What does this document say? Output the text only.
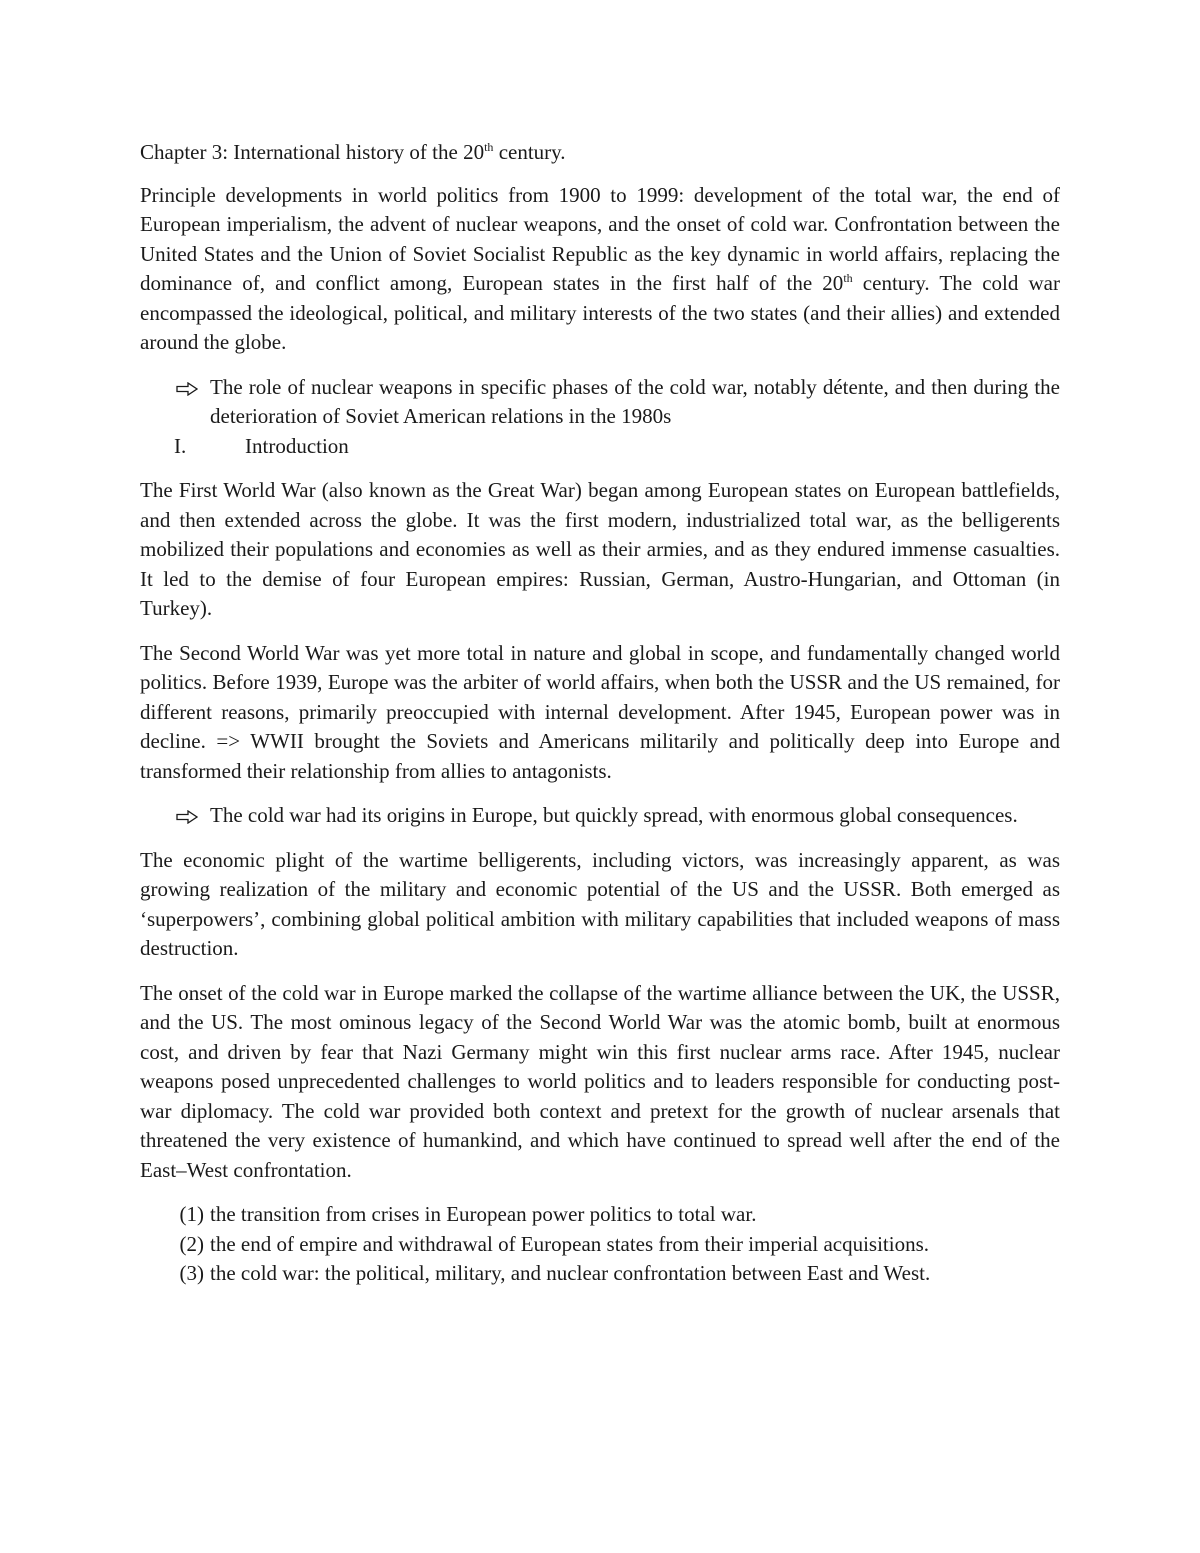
Chapter 3: International history of the 20th century.

Principle developments in world politics from 1900 to 1999: development of the total war, the end of European imperialism, the advent of nuclear weapons, and the onset of cold war. Confrontation between the United States and the Union of Soviet Socialist Republic as the key dynamic in world affairs, replacing the dominance of, and conflict among, European states in the first half of the 20th century. The cold war encompassed the ideological, political, and military interests of the two states (and their allies) and extended around the globe.

The role of nuclear weapons in specific phases of the cold war, notably détente, and then during the deterioration of Soviet American relations in the 1980s
I.	Introduction

The First World War (also known as the Great War) began among European states on European battlefields, and then extended across the globe. It was the first modern, industrialized total war, as the belligerents mobilized their populations and economies as well as their armies, and as they endured immense casualties. It led to the demise of four European empires: Russian, German, Austro-Hungarian, and Ottoman (in Turkey).

The Second World War was yet more total in nature and global in scope, and fundamentally changed world politics. Before 1939, Europe was the arbiter of world affairs, when both the USSR and the US remained, for different reasons, primarily preoccupied with internal development. After 1945, European power was in decline. => WWII brought the Soviets and Americans militarily and politically deep into Europe and transformed their relationship from allies to antagonists.

The cold war had its origins in Europe, but quickly spread, with enormous global consequences.

The economic plight of the wartime belligerents, including victors, was increasingly apparent, as was growing realization of the military and economic potential of the US and the USSR. Both emerged as ‘superpowers’, combining global political ambition with military capabilities that included weapons of mass destruction.

The onset of the cold war in Europe marked the collapse of the wartime alliance between the UK, the USSR, and the US. The most ominous legacy of the Second World War was the atomic bomb, built at enormous cost, and driven by fear that Nazi Germany might win this first nuclear arms race. After 1945, nuclear weapons posed unprecedented challenges to world politics and to leaders responsible for conducting post-war diplomacy. The cold war provided both context and pretext for the growth of nuclear arsenals that threatened the very existence of humankind, and which have continued to spread well after the end of the East–West confrontation.

(1) the transition from crises in European power politics to total war.
(2) the end of empire and withdrawal of European states from their imperial acquisitions.
(3) the cold war: the political, military, and nuclear confrontation between East and West.
